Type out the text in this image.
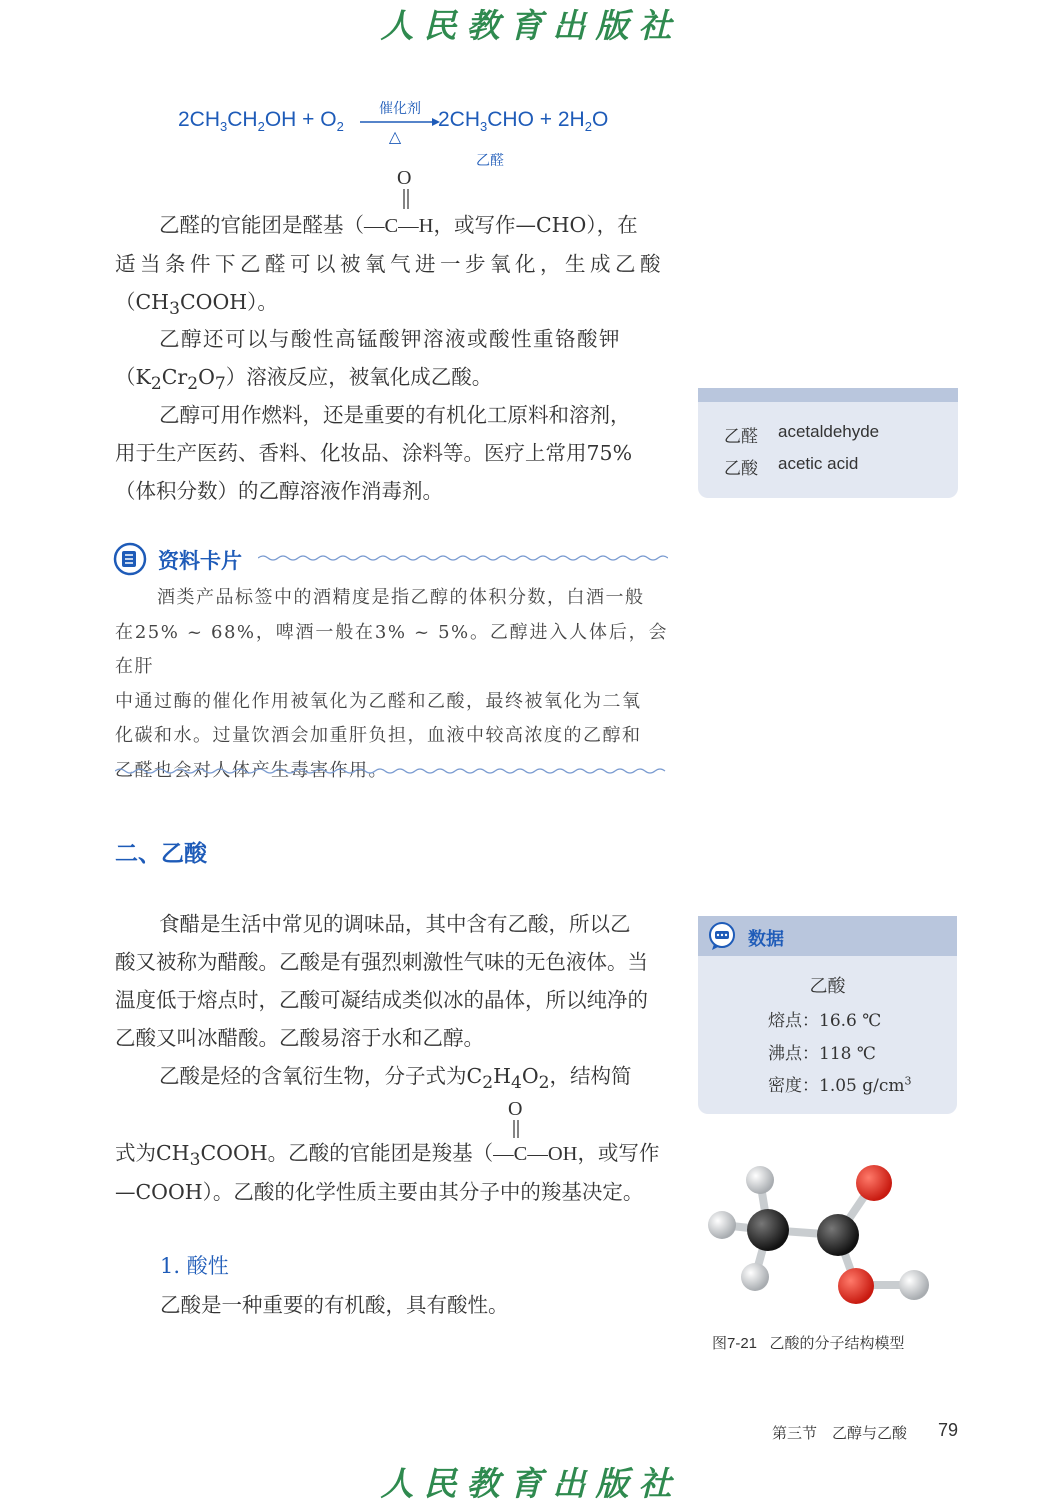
人民教育出版社
$2CH_3CH_2OH + O_2$
催化剂
△
$2CH_3CHO + 2H_2O$
乙醛
O
乙醛的官能团是醛基（—C—H，或写作—CHO），在
适当条件下乙醛可以被氧气进一步氧化，生成乙酸
$(CH_3COOH)$。
乙醇还可以与酸性高锰酸钾溶液或酸性重铬酸钾
$(K_2Cr_2O_7)$溶液反应，被氧化成乙酸。
乙醇可用作燃料，还是重要的有机化工原料和溶剂，
用于生产医药、香料、化妆品、涂料等。医疗上常用75%
（体积分数）的乙醇溶液作消毒剂。
乙醛 acetaldehyde
乙酸 acetic acid
资料卡片
酒类产品标签中的酒精度是指乙醇的体积分数，白酒一般
在25% ~ 68%，啤酒一般在3% ~ 5%。乙醇进入人体后，会在肝
中通过酶的催化作用被氧化为乙醛和乙酸，最终被氧化为二氧
化碳和水。过量饮酒会加重肝负担，血液中较高浓度的乙醇和
乙醛也会对人体产生毒害作用。
二、乙酸
食醋是生活中常见的调味品，其中含有乙酸，所以乙
酸又被称为醋酸。乙酸是有强烈刺激性气味的无色液体。当
温度低于熔点时，乙酸可凝结成类似冰的晶体，所以纯净的
乙酸又叫冰醋酸。乙酸易溶于水和乙醇。
乙酸是烃的含氧衍生物，分子式为$C_2H_4O_2$，结构简
O
式为$CH_3COOH$。乙酸的官能团是羧基（—C—OH，或写作
—COOH）。乙酸的化学性质主要由其分子中的羧基决定。
1. 酸性
乙酸是一种重要的有机酸，具有酸性。
数据
乙酸
熔点：16.6 ℃
沸点：118 ℃
密度：1.05 $g/cm^3$
图7-21 乙酸的分子结构模型
第三节　乙醇与乙酸 79
人民教育出版社
